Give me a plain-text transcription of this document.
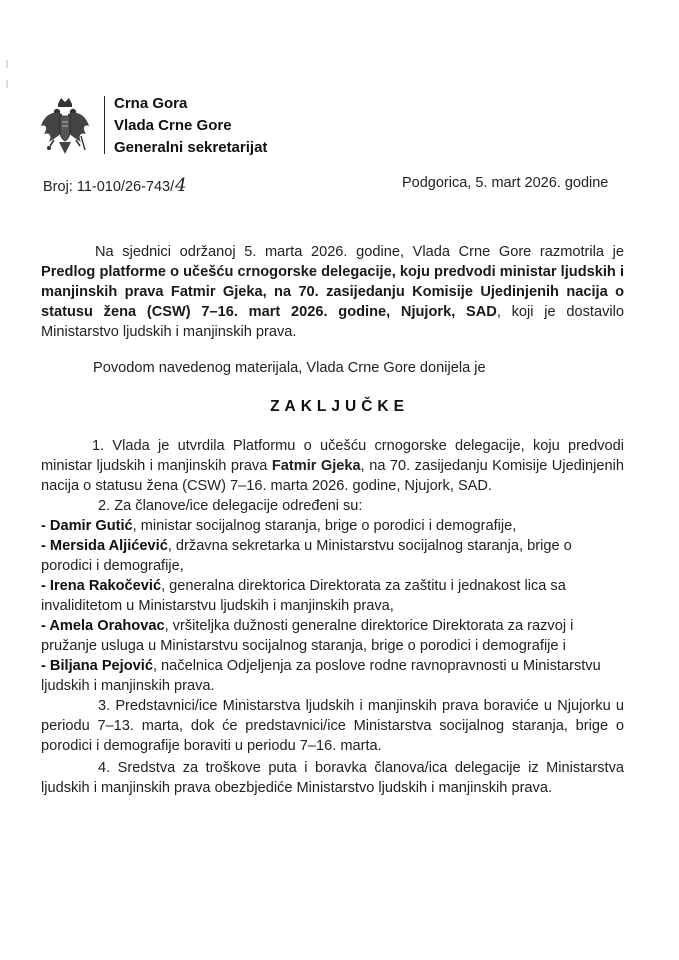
Crna Gora
Vlada Crne Gore
Generalni sekretarijat
Broj: 11-010/26-743/4	Podgorica, 5. mart 2026. godine
Na sjednici održanoj 5. marta 2026. godine, Vlada Crne Gore razmotrila je Predlog platforme o učešću crnogorske delegacije, koju predvodi ministar ljudskih i manjinskih prava Fatmir Gjeka, na 70. zasijedanju Komisije Ujedinjenih nacija o statusu žena (CSW) 7–16. mart 2026. godine, Njujork, SAD, koji je dostavilo Ministarstvo ljudskih i manjinskih prava.
Povodom navedenog materijala, Vlada Crne Gore donijela je
ZAKLJUČKE

1. Vlada je utvrdila Platformu o učešću crnogorske delegacije, koju predvodi ministar ljudskih i manjinskih prava Fatmir Gjeka, na 70. zasijedanju Komisije Ujedinjenih nacija o statusu žena (CSW) 7–16. marta 2026. godine, Njujork, SAD.

2. Za članove/ice delegacije određeni su:

- Damir Gutić, ministar socijalnog staranja, brige o porodici i demografije,

- Mersida Aljićević, državna sekretarka u Ministarstvu socijalnog staranja, brige o porodici i demografije,

- Irena Rakočević, generalna direktorica Direktorata za zaštitu i jednakost lica sa invaliditetom u Ministarstvu ljudskih i manjinskih prava,

- Amela Orahovac, vršiteljka dužnosti generalne direktorice Direktorata za razvoj i pružanje usluga u Ministarstvu socijalnog staranja, brige o porodici i demografije i

- Biljana Pejović, načelnica Odjeljenja za poslove rodne ravnopravnosti u Ministarstvu ljudskih i manjinskih prava.

3. Predstavnici/ice Ministarstva ljudskih i manjinskih prava boraviće u Njujorku u periodu 7–13. marta, dok će predstavnici/ice Ministarstva socijalnog staranja, brige o porodici i demografije boraviti u periodu 7–16. marta.

4. Sredstva za troškove puta i boravka članova/ica delegacije iz Ministarstva ljudskih i manjinskih prava obezbjediće Ministarstvo ljudskih i manjinskih prava.
